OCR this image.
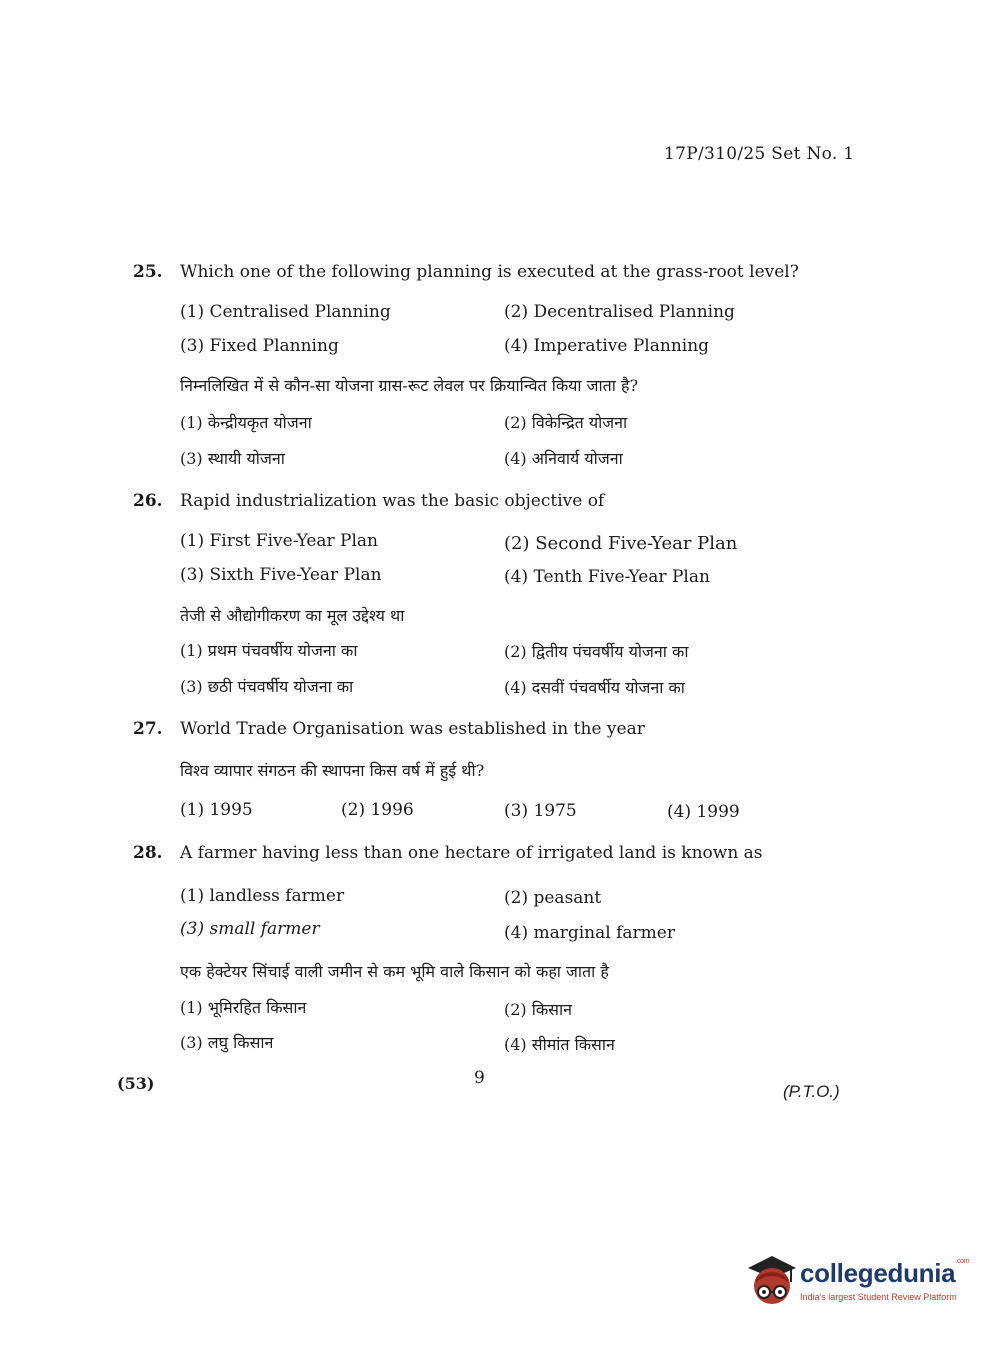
17P/310/25 Set No. 1
25. Which one of the following planning is executed at the grass-root level?
(1) Centralised Planning	(2) Decentralised Planning
(3) Fixed Planning	(4) Imperative Planning
निम्नलिखित में से कौन-सा योजना ग्रास-रूट लेवल पर क्रियान्वित किया जाता है?
(1) केन्द्रीयकृत योजना	(2) विकेन्द्रित योजना
(3) स्थायी योजना	(4) अनिवार्य योजना
26. Rapid industrialization was the basic objective of
(1) First Five-Year Plan	(2) Second Five-Year Plan
(3) Sixth Five-Year Plan	(4) Tenth Five-Year Plan
तेजी से औद्योगीकरण का मूल उद्देश्य था
(1) प्रथम पंचवर्षीय योजना का	(2) द्वितीय पंचवर्षीय योजना का
(3) छठी पंचवर्षीय योजना का	(4) दसवीं पंचवर्षीय योजना का
27. World Trade Organisation was established in the year
विश्व व्यापार संगठन की स्थापना किस वर्ष में हुई थी?
(1) 1995	(2) 1996	(3) 1975	(4) 1999
28. A farmer having less than one hectare of irrigated land is known as
(1) landless farmer	(2) peasant
(3) small farmer	(4) marginal farmer
एक हेक्टेयर सिंचाई वाली जमीन से कम भूमि वाले किसान को कहा जाता है
(1) भूमिरहित किसान	(2) किसान
(3) लघु किसान	(4) सीमांत किसान
(53)	9
(P.T.O.)
collegedunia$^{.com}$
India's largest Student Review Platform
